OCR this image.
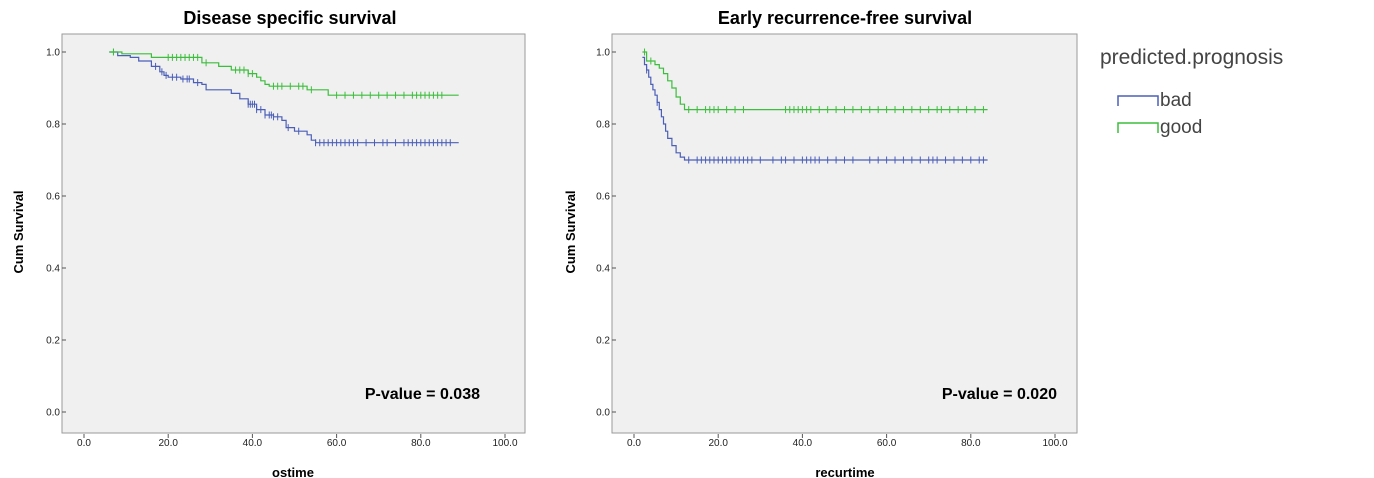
Disease specific survival
0.0
0.2
0.4
0.6
0.8
1.0
0.0	20.0	40.0	60.0	80.0	100.0
P-value = 0.038
ostime
Cum Survival
Early recurrence-free survival
0.0
0.2
0.4
0.6
0.8
1.0
0.0	20.0	40.0	60.0	80.0	100.0
P-value = 0.020
recurtime
Cum Survival
predicted.prognosis
bad
good
